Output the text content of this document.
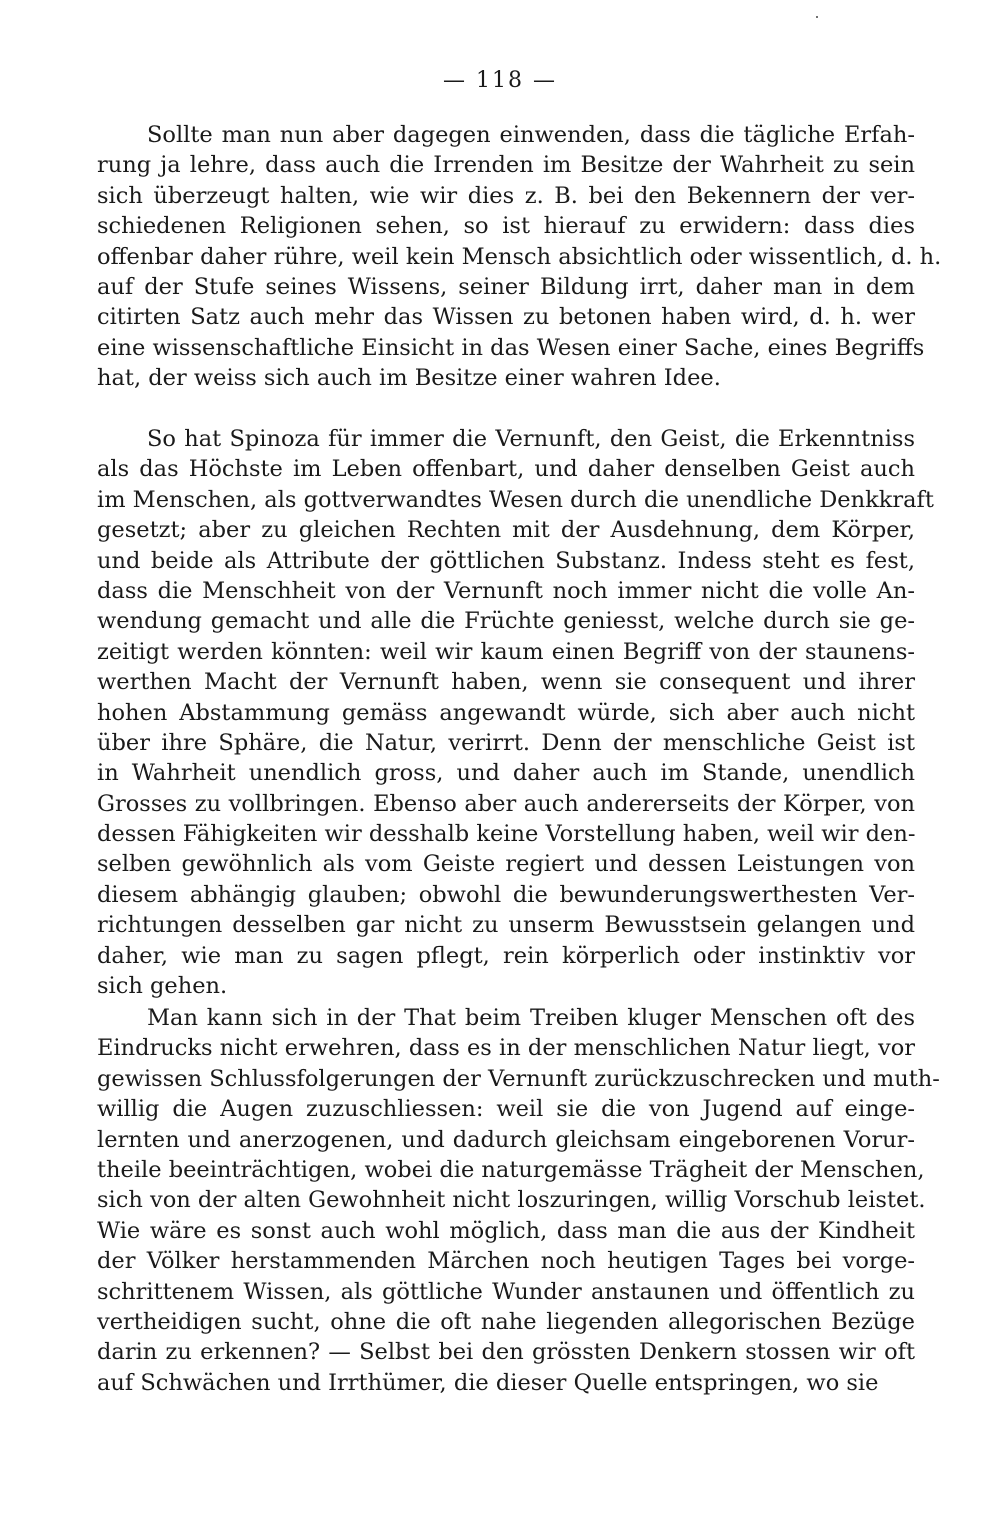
— 118 —
Sollte man nun aber dagegen einwenden, dass die tägliche Erfah-
rung ja lehre, dass auch die Irrenden im Besitze der Wahrheit zu sein
sich überzeugt halten, wie wir dies z. B. bei den Bekennern der ver-
schiedenen Religionen sehen, so ist hierauf zu erwidern: dass dies
offenbar daher rühre, weil kein Mensch absichtlich oder wissentlich, d. h.
auf der Stufe seines Wissens, seiner Bildung irrt, daher man in dem
citirten Satz auch mehr das Wissen zu betonen haben wird, d. h. wer
eine wissenschaftliche Einsicht in das Wesen einer Sache, eines Begriffs
hat, der weiss sich auch im Besitze einer wahren Idee.
So hat Spinoza für immer die Vernunft, den Geist, die Erkenntniss
als das Höchste im Leben offenbart, und daher denselben Geist auch
im Menschen, als gottverwandtes Wesen durch die unendliche Denkkraft
gesetzt; aber zu gleichen Rechten mit der Ausdehnung, dem Körper,
und beide als Attribute der göttlichen Substanz. Indess steht es fest,
dass die Menschheit von der Vernunft noch immer nicht die volle An-
wendung gemacht und alle die Früchte geniesst, welche durch sie ge-
zeitigt werden könnten: weil wir kaum einen Begriff von der staunens-
werthen Macht der Vernunft haben, wenn sie consequent und ihrer
hohen Abstammung gemäss angewandt würde, sich aber auch nicht
über ihre Sphäre, die Natur, verirrt. Denn der menschliche Geist ist
in Wahrheit unendlich gross, und daher auch im Stande, unendlich
Grosses zu vollbringen. Ebenso aber auch andererseits der Körper, von
dessen Fähigkeiten wir desshalb keine Vorstellung haben, weil wir den-
selben gewöhnlich als vom Geiste regiert und dessen Leistungen von
diesem abhängig glauben; obwohl die bewunderungswerthesten Ver-
richtungen desselben gar nicht zu unserm Bewusstsein gelangen und
daher, wie man zu sagen pflegt, rein körperlich oder instinktiv vor
sich gehen.
Man kann sich in der That beim Treiben kluger Menschen oft des
Eindrucks nicht erwehren, dass es in der menschlichen Natur liegt, vor
gewissen Schlussfolgerungen der Vernunft zurückzuschrecken und muth-
willig die Augen zuzuschliessen: weil sie die von Jugend auf einge-
lernten und anerzogenen, und dadurch gleichsam eingeborenen Vorur-
theile beeinträchtigen, wobei die naturgemässe Trägheit der Menschen,
sich von der alten Gewohnheit nicht loszuringen, willig Vorschub leistet.
Wie wäre es sonst auch wohl möglich, dass man die aus der Kindheit
der Völker herstammenden Märchen noch heutigen Tages bei vorge-
schrittenem Wissen, als göttliche Wunder anstaunen und öffentlich zu
vertheidigen sucht, ohne die oft nahe liegenden allegorischen Bezüge
darin zu erkennen? — Selbst bei den grössten Denkern stossen wir oft
auf Schwächen und Irrthümer, die dieser Quelle entspringen, wo sie
